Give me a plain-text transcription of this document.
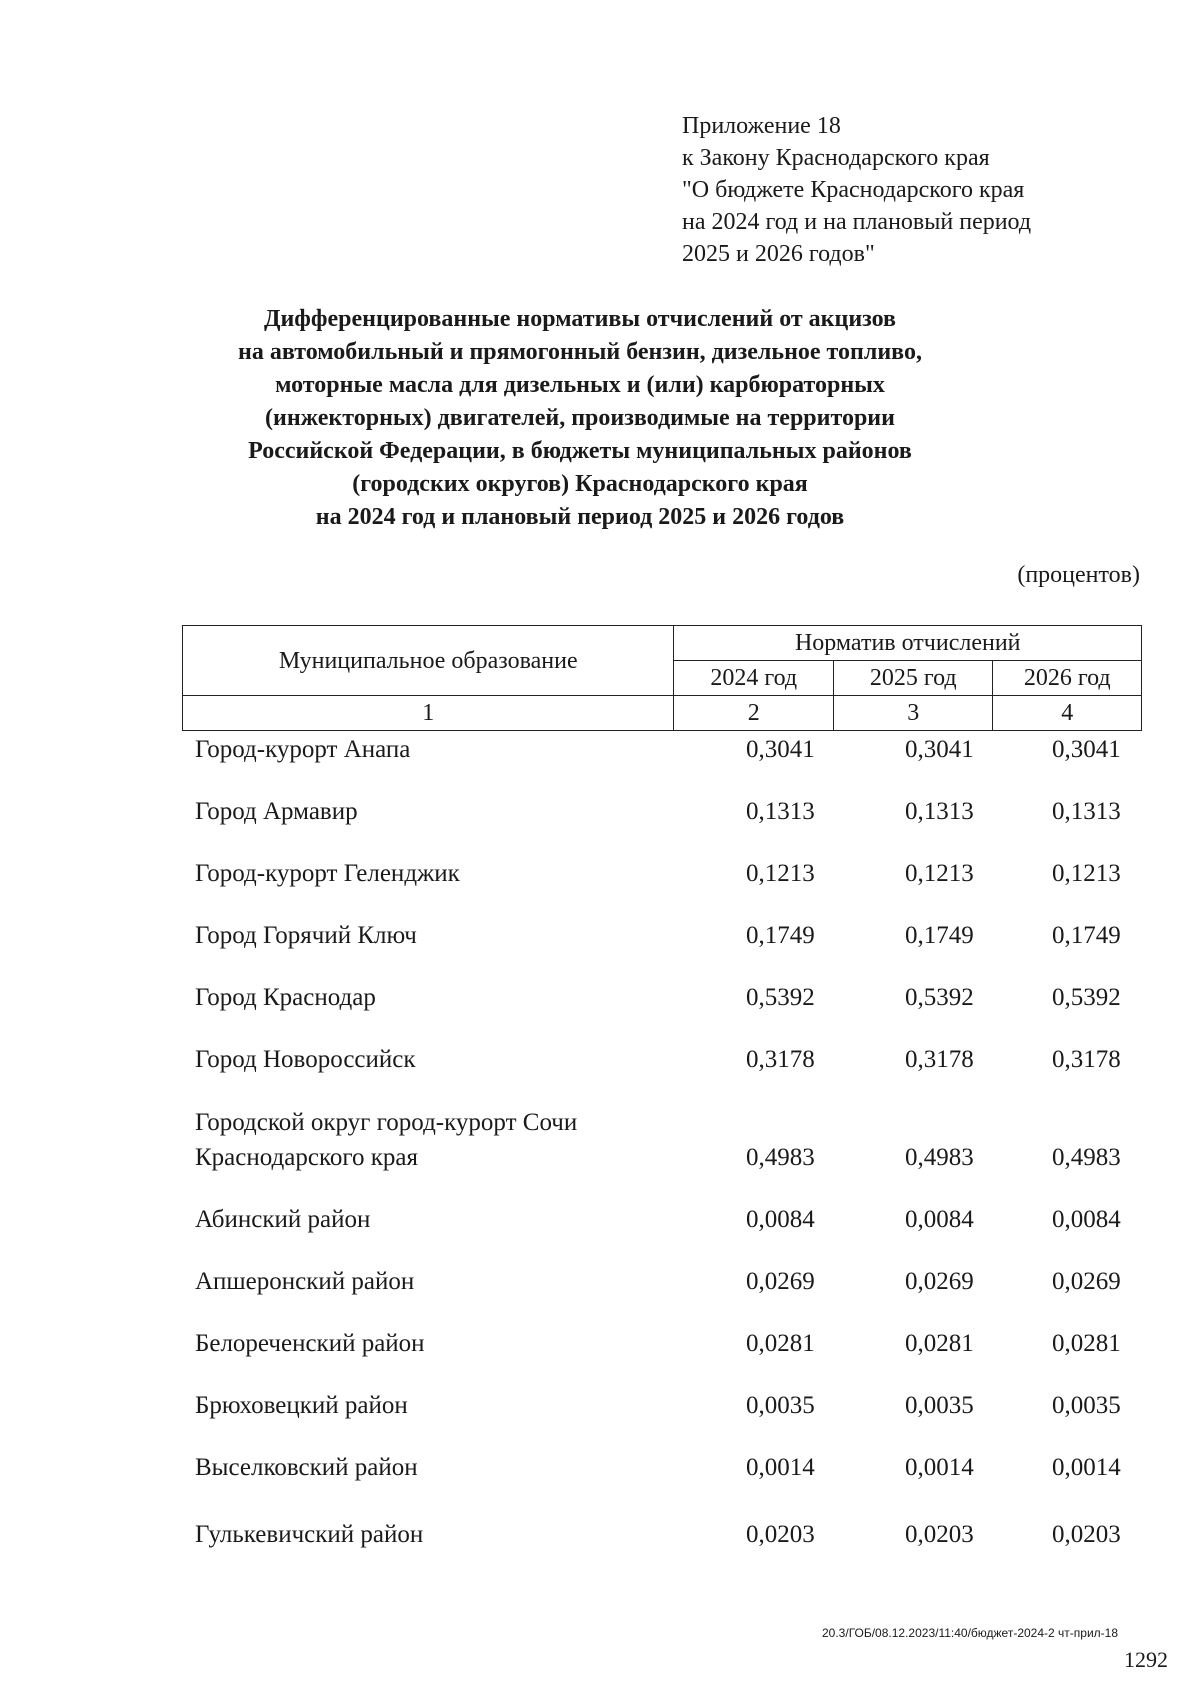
Приложение 18
к Закону Краснодарского края
"О бюджете Краснодарского края
на 2024 год и на плановый период
2025 и 2026 годов"
Дифференцированные нормативы отчислений от акцизов
на автомобильный и прямогонный бензин, дизельное топливо,
моторные масла для дизельных и (или) карбюраторных
(инжекторных) двигателей, производимые на территории
Российской Федерации, в бюджеты муниципальных районов
(городских округов) Краснодарского края
на 2024 год и плановый период 2025 и 2026 годов
(процентов)
Муниципальное образование	Норматив отчислений		
	2024 год	2025 год	2026 год
1	2	3	4
Город-курорт Анапа	0,3041	0,3041	0,3041
Город Армавир	0,1313	0,1313	0,1313
Город-курорт Геленджик	0,1213	0,1213	0,1213
Город Горячий Ключ	0,1749	0,1749	0,1749
Город Краснодар	0,5392	0,5392	0,5392
Город Новороссийск	0,3178	0,3178	0,3178
Городской округ город-курорт Сочи
Краснодарского края	0,4983	0,4983	0,4983
Абинский район	0,0084	0,0084	0,0084
Апшеронский район	0,0269	0,0269	0,0269
Белореченский район	0,0281	0,0281	0,0281
Брюховецкий район	0,0035	0,0035	0,0035
Выселковский район	0,0014	0,0014	0,0014
Гулькевичский район	0,0203	0,0203	0,0203
20.3/ГОБ/08.12.2023/11:40/бюджет-2024-2 чт-прил-18
1292
